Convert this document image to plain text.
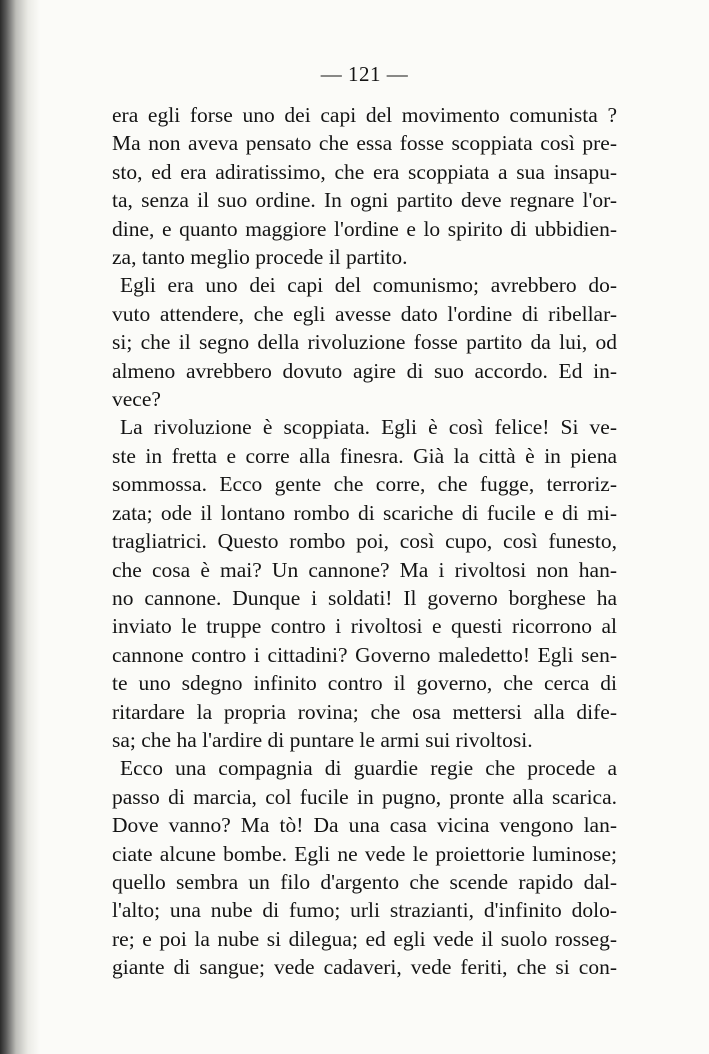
— 121 —

era egli forse uno dei capi del movimento comunista ?
Ma non aveva pensato che essa fosse scoppiata così pre-
sto, ed era adiratissimo, che era scoppiata a sua insapu-
ta, senza il suo ordine. In ogni partito deve regnare l'or-
dine, e quanto maggiore l'ordine e lo spirito di ubbidien-
za, tanto meglio procede il partito.

Egli era uno dei capi del comunismo; avrebbero do-
vuto attendere, che egli avesse dato l'ordine di ribellar-
si; che il segno della rivoluzione fosse partito da lui, od
almeno avrebbero dovuto agire di suo accordo. Ed in-
vece?

La rivoluzione è scoppiata. Egli è così felice! Si ve-
ste in fretta e corre alla finesra. Già la città è in piena
sommossa. Ecco gente che corre, che fugge, terroriz-
zata; ode il lontano rombo di scariche di fucile e di mi-
tragliatrici. Questo rombo poi, così cupo, così funesto,
che cosa è mai? Un cannone? Ma i rivoltosi non han-
no cannone. Dunque i soldati! Il governo borghese ha
inviato le truppe contro i rivoltosi e questi ricorrono al
cannone contro i cittadini? Governo maledetto! Egli sen-
te uno sdegno infinito contro il governo, che cerca di
ritardare la propria rovina; che osa mettersi alla dife-
sa; che ha l'ardire di puntare le armi sui rivoltosi.

Ecco una compagnia di guardie regie che procede a
passo di marcia, col fucile in pugno, pronte alla scarica.
Dove vanno? Ma tò! Da una casa vicina vengono lan-
ciate alcune bombe. Egli ne vede le proiettorie luminose;
quello sembra un filo d'argento che scende rapido dal-
l'alto; una nube di fumo; urli strazianti, d'infinito dolo-
re; e poi la nube si dilegua; ed egli vede il suolo rosseg-
giante di sangue; vede cadaveri, vede feriti, che si con-
